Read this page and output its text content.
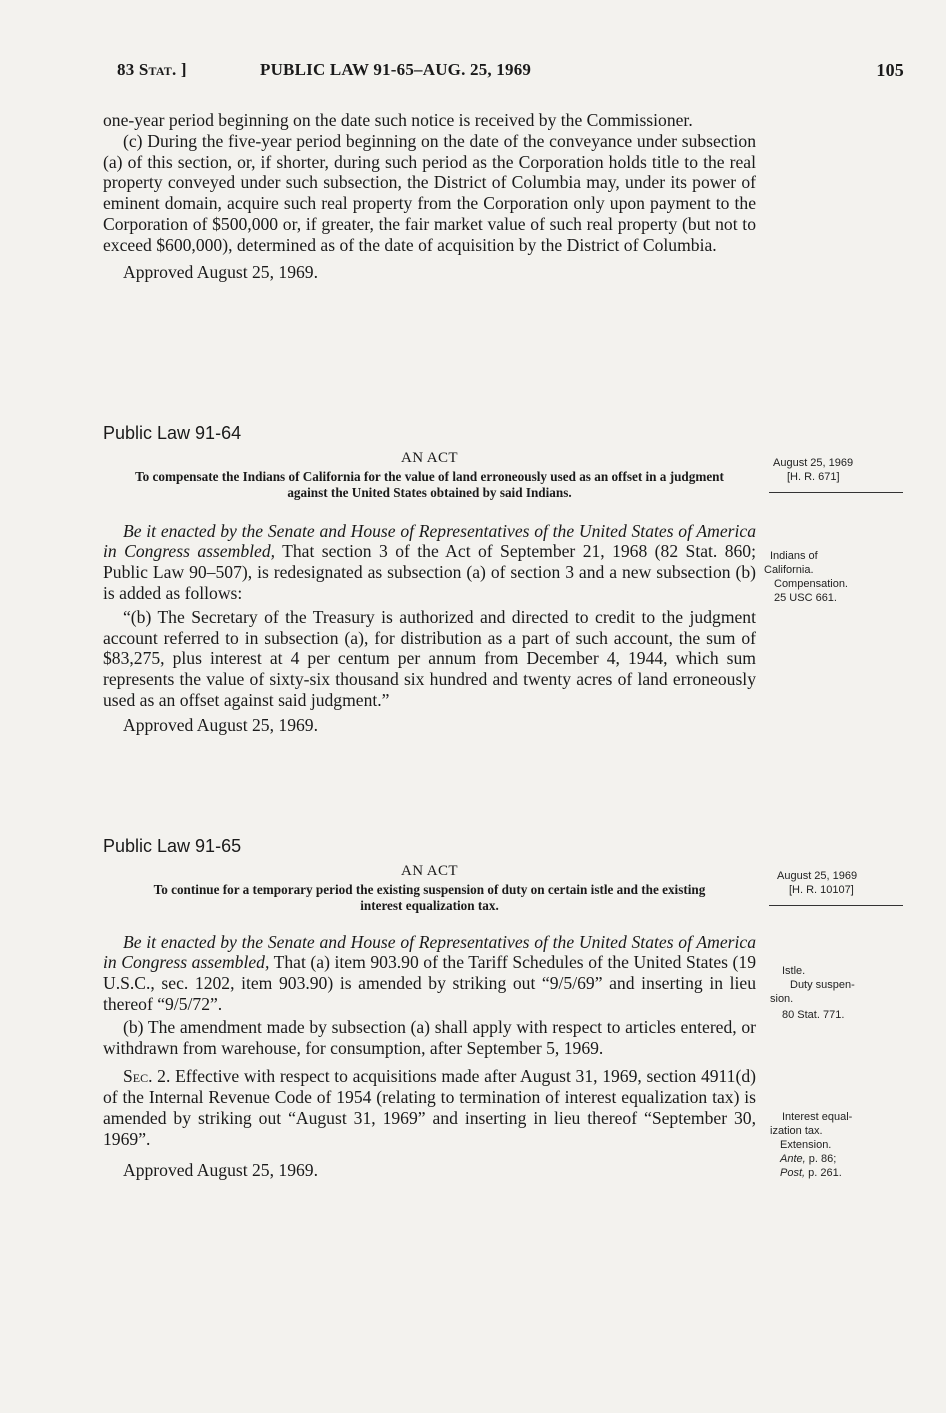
83 Stat. ]	PUBLIC LAW 91-65–AUG. 25, 1969	105

one-year period beginning on the date such notice is received by the Commissioner.

(c) During the five-year period beginning on the date of the conveyance under subsection (a) of this section, or, if shorter, during such period as the Corporation holds title to the real property conveyed under such subsection, the District of Columbia may, under its power of eminent domain, acquire such real property from the Corporation only upon payment to the Corporation of $500,000 or, if greater, the fair market value of such real property (but not to exceed $600,000), determined as of the date of acquisition by the District of Columbia.

Approved August 25, 1969.

Public Law 91-64
AN ACT
To compensate the Indians of California for the value of land erroneously used as an offset in a judgment against the United States obtained by said Indians.

Be it enacted by the Senate and House of Representatives of the United States of America in Congress assembled, That section 3 of the Act of September 21, 1968 (82 Stat. 860; Public Law 90–507), is redesignated as subsection (a) of section 3 and a new subsection (b) is added as follows:

“(b) The Secretary of the Treasury is authorized and directed to credit to the judgment account referred to in subsection (a), for distribution as a part of such account, the sum of $83,275, plus interest at 4 per centum per annum from December 4, 1944, which sum represents the value of sixty-six thousand six hundred and twenty acres of land erroneously used as an offset against said judgment.”

Approved August 25, 1969.

Public Law 91-65
AN ACT
To continue for a temporary period the existing suspension of duty on certain istle and the existing interest equalization tax.

Be it enacted by the Senate and House of Representatives of the United States of America in Congress assembled, That (a) item 903.90 of the Tariff Schedules of the United States (19 U.S.C., sec. 1202, item 903.90) is amended by striking out “9/5/69” and inserting in lieu thereof “9/5/72”.

(b) The amendment made by subsection (a) shall apply with respect to articles entered, or withdrawn from warehouse, for consumption, after September 5, 1969.

Sec. 2. Effective with respect to acquisitions made after August 31, 1969, section 4911(d) of the Internal Revenue Code of 1954 (relating to termination of interest equalization tax) is amended by striking out “August 31, 1969” and inserting in lieu thereof “September 30, 1969”.

Approved August 25, 1969.

August 25, 1969
[H. R. 671]
Indians of
California.
Compensation.
25 USC 661.
August 25, 1969
[H. R. 10107]
Istle.
Duty suspen-
sion.
80 Stat. 771.
Interest equal-
ization tax.
Extension.
Ante, p. 86;
Post, p. 261.
